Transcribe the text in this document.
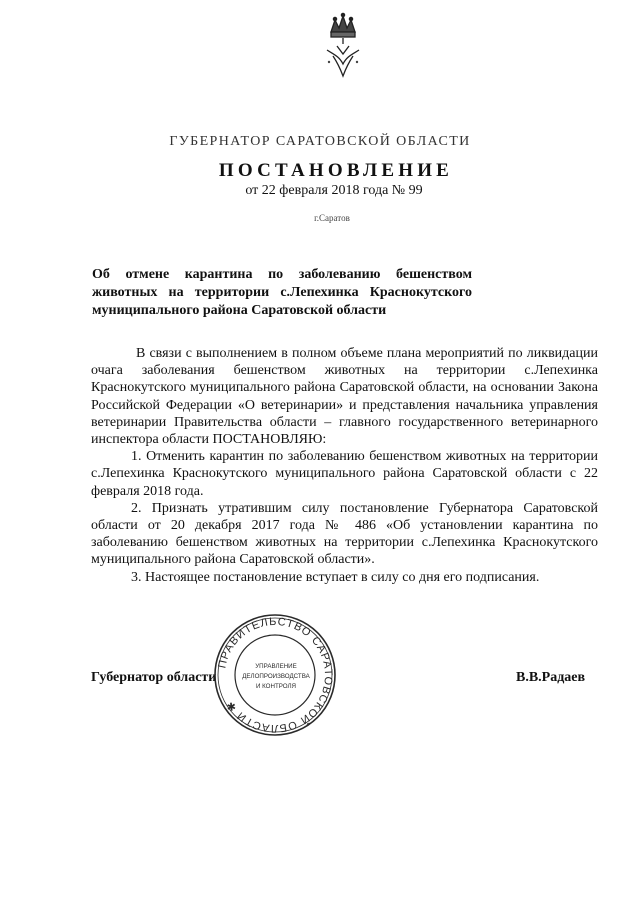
ГУБЕРНАТОР САРАТОВСКОЙ ОБЛАСТИ
ПОСТАНОВЛЕНИЕ
от 22 февраля 2018 года № 99
г.Саратов
Об отмене карантина по заболеванию бешенством животных на территории с.Лепехинка Краснокутского муниципального района Саратовской области

В связи с выполнением в полном объеме плана мероприятий по ликвидации очага заболевания бешенством животных на территории с.Лепехинка Краснокутского муниципального района Саратовской области, на основании Закона Российской Федерации «О ветеринарии» и представления начальника управления ветеринарии Правительства области – главного государственного ветеринарного инспектора области ПОСТАНОВЛЯЮ:

1. Отменить карантин по заболеванию бешенством животных на территории с.Лепехинка Краснокутского муниципального района Саратовской области с 22 февраля 2018 года.

2. Признать утратившим силу постановление Губернатора Саратовской области от 20 декабря 2017 года № 486 «Об установлении карантина по заболеванию бешенством животных на территории с.Лепехинка Краснокутского муниципального района Саратовской области».

3. Настоящее постановление вступает в силу со дня его подписания.

Губернатор области	В.В.Радаев
ПРАВИТЕЛЬСТВО САРАТОВСКОЙ ОБЛАСТИ ✱
УПРАВЛЕНИЕ
ДЕЛОПРОИЗВОДСТВА
И КОНТРОЛЯ
